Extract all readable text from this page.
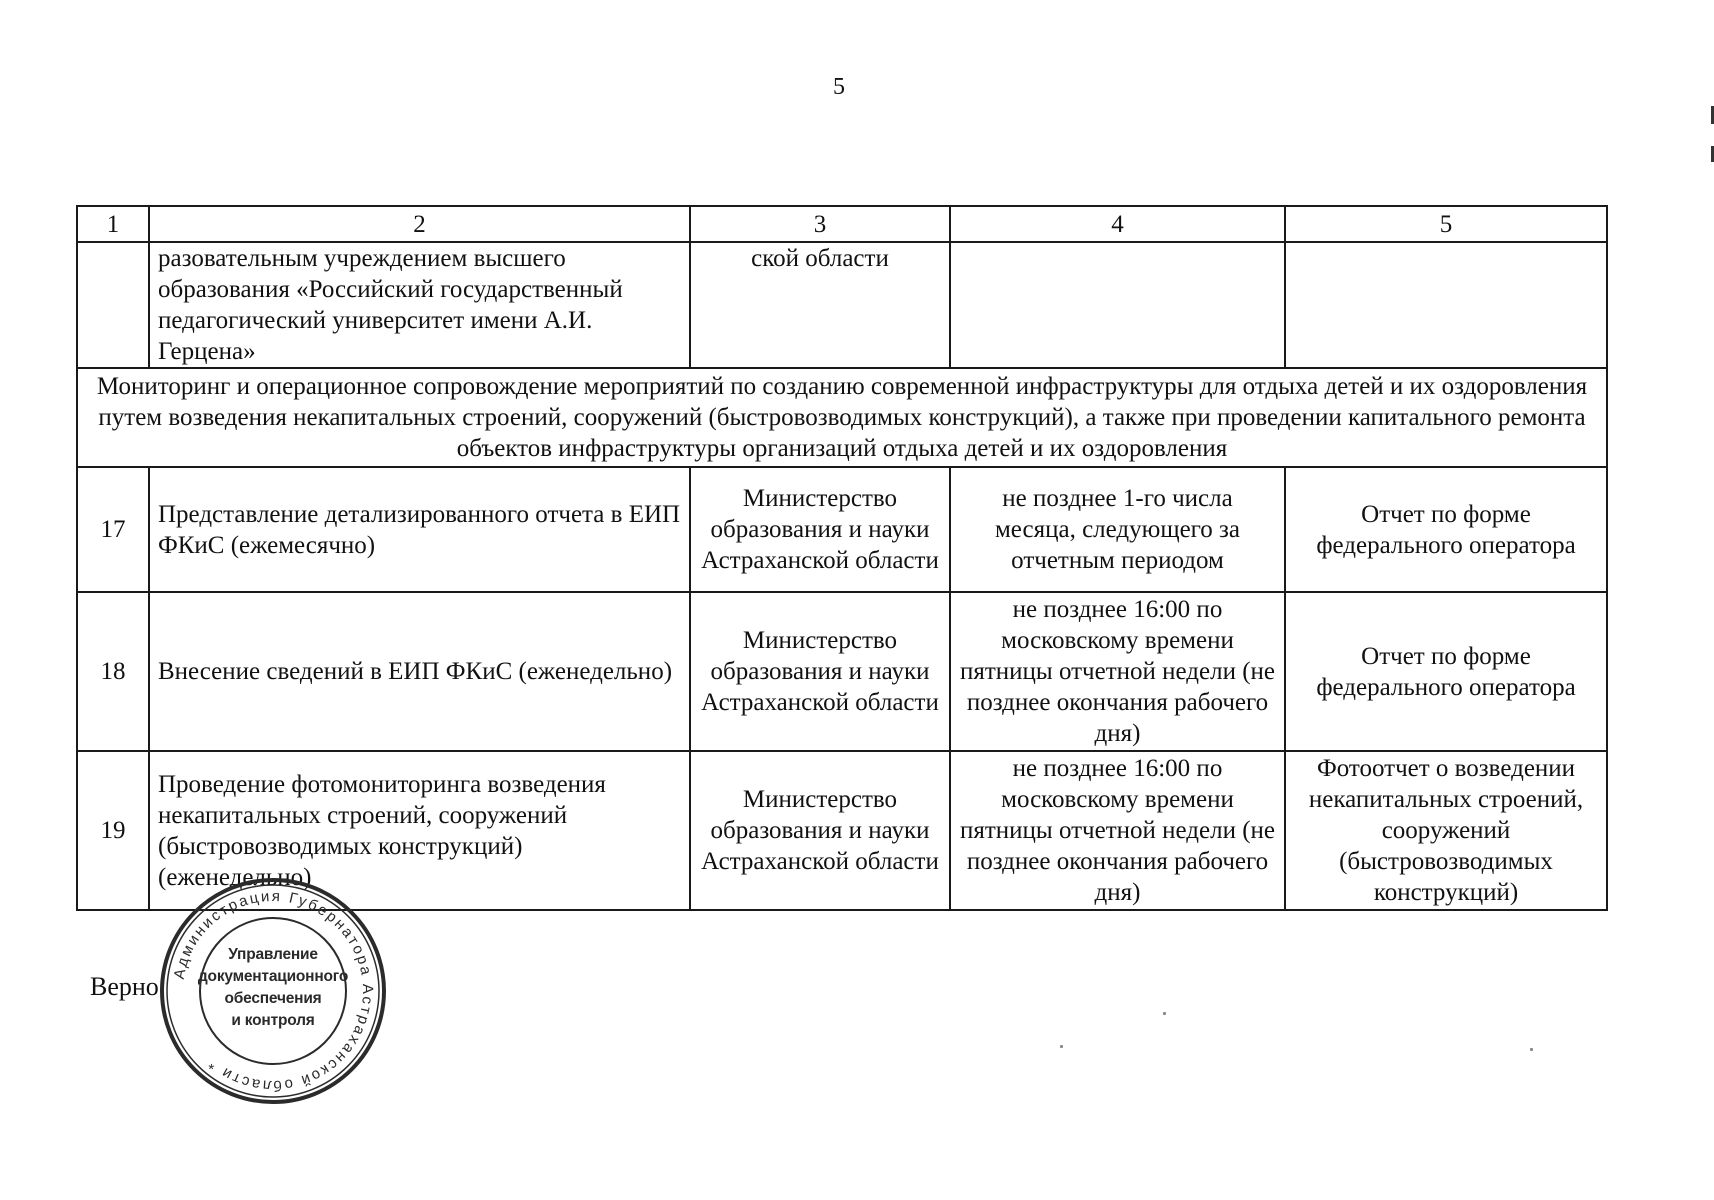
5
1	2	3	4	5
	разовательным учреждением высшего образования «Российский государственный педагогический университет имени А.И. Герцена»	ской области		
Мониторинг и операционное сопровождение мероприятий по созданию современной инфраструктуры для отдыха детей и их оздоровления путем возведения некапитальных строений, сооружений (быстровозводимых конструкций), а также при проведении капитального ремонта объектов инфраструктуры организаций отдыха детей и их оздоровления				
17	Представление детализированного отчета в ЕИП ФКиС (ежемесячно)	Министерство образования и науки Астраханской области	не позднее 1-го числа месяца, следующего за отчетным периодом	Отчет по форме федерального оператора
18	Внесение сведений в ЕИП ФКиС (еженедельно)	Министерство образования и науки Астраханской области	не позднее 16:00 по московскому времени пятницы отчетной недели (не позднее окончания рабочего дня)	Отчет по форме федерального оператора
19	Проведение фотомониторинга возведения некапитальных строений, сооружений (быстровозводимых конструкций) (еженедельно)	Министерство образования и науки Астраханской области	не позднее 16:00 по московскому времени пятницы отчетной недели (не позднее окончания рабочего дня)	Фотоотчет о возведении некапитальных строений, сооружений (быстровозводимых конструкций)
Верно: Администрация Губернатора Астраханской области *
Управление
документационного
обеспечения
и контроля
